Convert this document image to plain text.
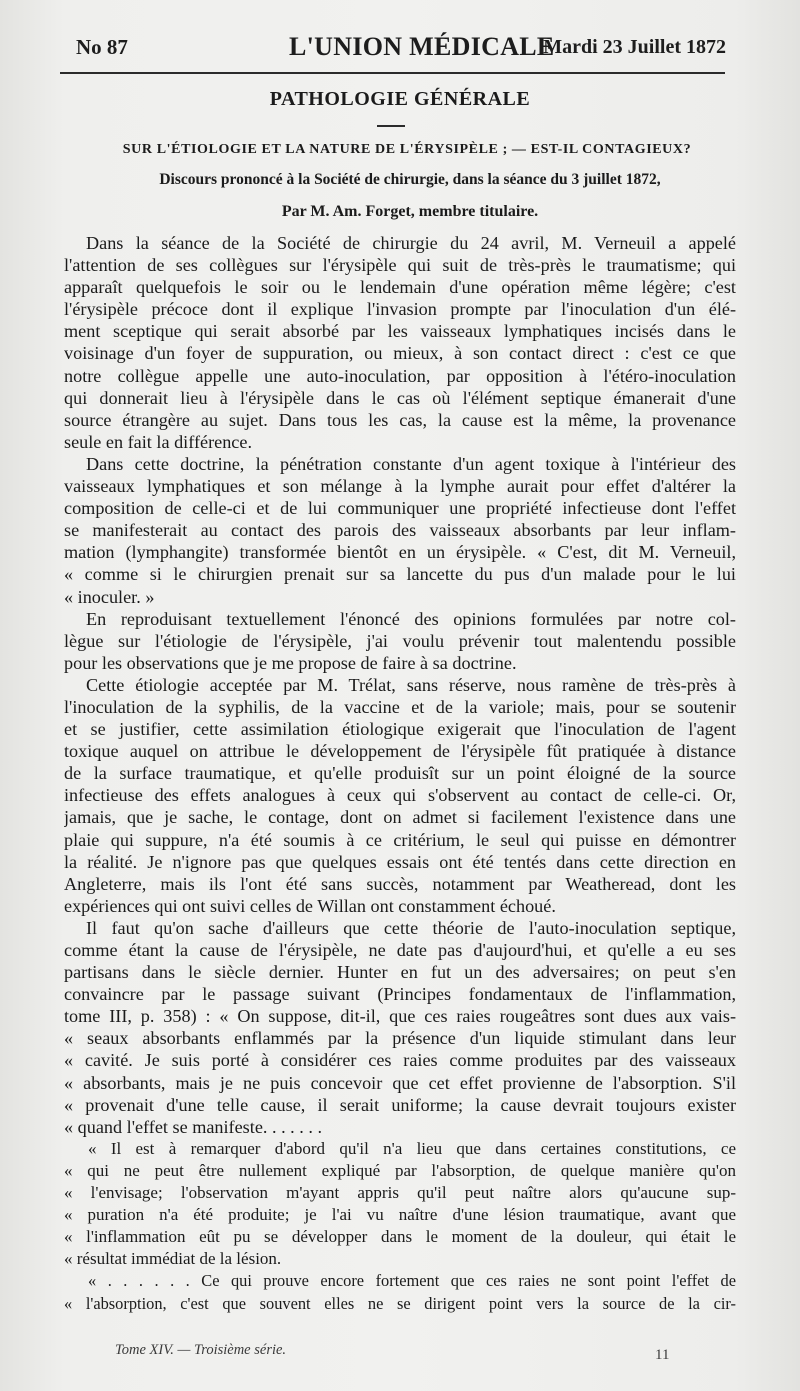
No 87	L'UNION MÉDICALE
Mardi 23 Juillet 1872
PATHOLOGIE GÉNÉRALE
SUR L'ÉTIOLOGIE ET LA NATURE DE L'ÉRYSIPÈLE ; — EST-IL CONTAGIEUX?
Discours prononcé à la Société de chirurgie, dans la séance du 3 juillet 1872,
Par M. Am. Forget, membre titulaire.
Dans la séance de la Société de chirurgie du 24 avril, M. Verneuil a appelé
l'attention de ses collègues sur l'érysipèle qui suit de très-près le traumatisme; qui
apparaît quelquefois le soir ou le lendemain d'une opération même légère; c'est
l'érysipèle précoce dont il explique l'invasion prompte par l'inoculation d'un élé-
ment sceptique qui serait absorbé par les vaisseaux lymphatiques incisés dans le
voisinage d'un foyer de suppuration, ou mieux, à son contact direct : c'est ce que
notre collègue appelle une auto-inoculation, par opposition à l'étéro-inoculation
qui donnerait lieu à l'érysipèle dans le cas où l'élément septique émanerait d'une
source étrangère au sujet. Dans tous les cas, la cause est la même, la provenance
seule en fait la différence.
Dans cette doctrine, la pénétration constante d'un agent toxique à l'intérieur des
vaisseaux lymphatiques et son mélange à la lymphe aurait pour effet d'altérer la
composition de celle-ci et de lui communiquer une propriété infectieuse dont l'effet
se manifesterait au contact des parois des vaisseaux absorbants par leur inflam-
mation (lymphangite) transformée bientôt en un érysipèle. « C'est, dit M. Verneuil,
« comme si le chirurgien prenait sur sa lancette du pus d'un malade pour le lui
« inoculer. »
En reproduisant textuellement l'énoncé des opinions formulées par notre col-
lègue sur l'étiologie de l'érysipèle, j'ai voulu prévenir tout malentendu possible
pour les observations que je me propose de faire à sa doctrine.
Cette étiologie acceptée par M. Trélat, sans réserve, nous ramène de très-près à
l'inoculation de la syphilis, de la vaccine et de la variole; mais, pour se soutenir
et se justifier, cette assimilation étiologique exigerait que l'inoculation de l'agent
toxique auquel on attribue le développement de l'érysipèle fût pratiquée à distance
de la surface traumatique, et qu'elle produisît sur un point éloigné de la source
infectieuse des effets analogues à ceux qui s'observent au contact de celle-ci. Or,
jamais, que je sache, le contage, dont on admet si facilement l'existence dans une
plaie qui suppure, n'a été soumis à ce critérium, le seul qui puisse en démontrer
la réalité. Je n'ignore pas que quelques essais ont été tentés dans cette direction en
Angleterre, mais ils l'ont été sans succès, notamment par Weatheread, dont les
expériences qui ont suivi celles de Willan ont constamment échoué.
Il faut qu'on sache d'ailleurs que cette théorie de l'auto-inoculation septique,
comme étant la cause de l'érysipèle, ne date pas d'aujourd'hui, et qu'elle a eu ses
partisans dans le siècle dernier. Hunter en fut un des adversaires; on peut s'en
convaincre par le passage suivant (Principes fondamentaux de l'inflammation,
tome III, p. 358) : « On suppose, dit-il, que ces raies rougeâtres sont dues aux vais-
« seaux absorbants enflammés par la présence d'un liquide stimulant dans leur
« cavité. Je suis porté à considérer ces raies comme produites par des vaisseaux
« absorbants, mais je ne puis concevoir que cet effet provienne de l'absorption. S'il
« provenait d'une telle cause, il serait uniforme; la cause devrait toujours exister
« quand l'effet se manifeste. . . . . . .
« Il est à remarquer d'abord qu'il n'a lieu que dans certaines constitutions, ce
« qui ne peut être nullement expliqué par l'absorption, de quelque manière qu'on
« l'envisage; l'observation m'ayant appris qu'il peut naître alors qu'aucune sup-
« puration n'a été produite; je l'ai vu naître d'une lésion traumatique, avant que
« l'inflammation eût pu se développer dans le moment de la douleur, qui était le
« résultat immédiat de la lésion.
« . . . . . . Ce qui prouve encore fortement que ces raies ne sont point l'effet de
« l'absorption, c'est que souvent elles ne se dirigent point vers la source de la cir-
Tome XIV. — Troisième série.	11
